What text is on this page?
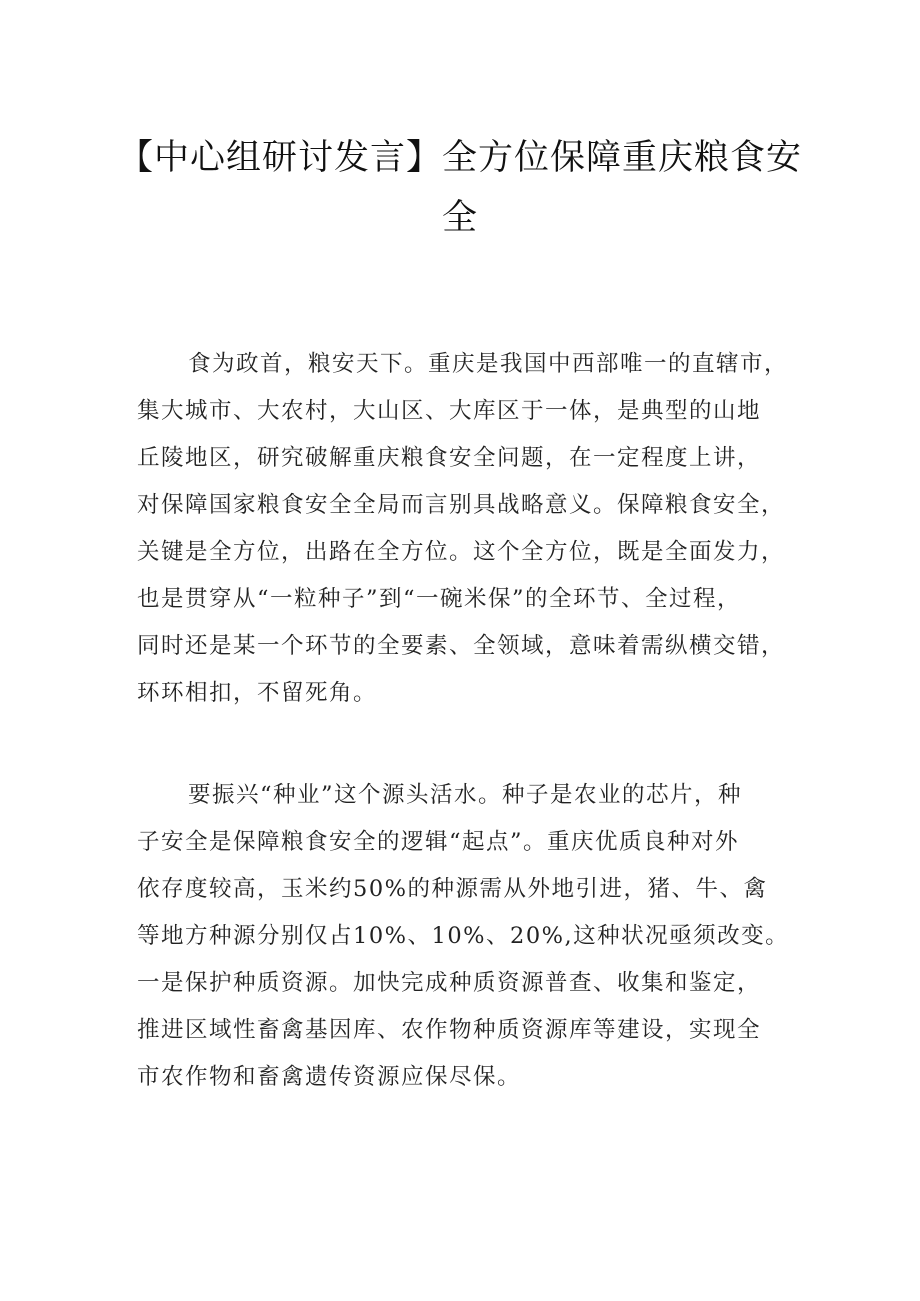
【中心组研讨发言】全方位保障重庆粮食安
全

食为政首，粮安天下。重庆是我国中西部唯一的直辖市，
集大城市、大农村，大山区、大库区于一体，是典型的山地
丘陵地区，研究破解重庆粮食安全问题，在一定程度上讲，
对保障国家粮食安全全局而言别具战略意义。保障粮食安全，
关键是全方位，出路在全方位。这个全方位，既是全面发力，
也是贯穿从“一粒种子”到“一碗米保”的全环节、全过程，
同时还是某一个环节的全要素、全领域，意味着需纵横交错，
环环相扣，不留死角。

要振兴“种业”这个源头活水。种子是农业的芯片，种
子安全是保障粮食安全的逻辑“起点”。重庆优质良种对外
依存度较高，玉米约50%的种源需从外地引进，猪、牛、禽
等地方种源分别仅占10%、10%、20%,这种状况亟须改变。
一是保护种质资源。加快完成种质资源普查、收集和鉴定，
推进区域性畜禽基因库、农作物种质资源库等建设，实现全
市农作物和畜禽遗传资源应保尽保。
